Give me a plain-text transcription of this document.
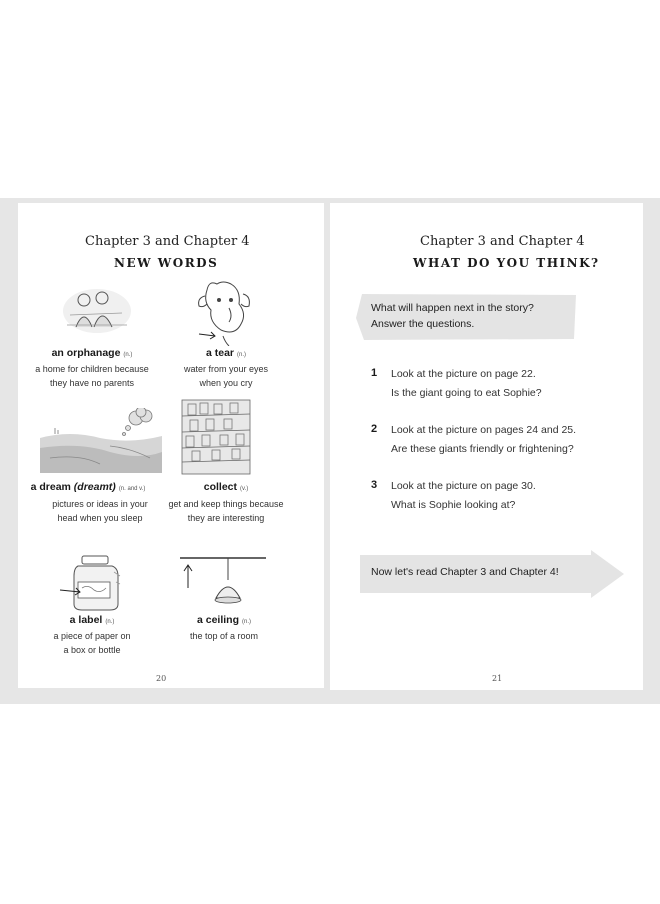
Chapter 3 and Chapter 4
NEW WORDS
an orphanage (n.)
a home for children because
they have no parents
a tear (n.)
water from your eyes
when you cry
a dream (dreamt) (n. and v.)
pictures or ideas in your
head when you sleep
collect (v.)
get and keep things because
they are interesting
a label (n.)
a piece of paper on
a box or bottle
a ceiling (n.)
the top of a room
20
Chapter 3 and Chapter 4
WHAT DO YOU THINK?
What will happen next in the story?
Answer the questions.
1 Look at the picture on page 22.
Is the giant going to eat Sophie?
2 Look at the picture on pages 24 and 25.
Are these giants friendly or frightening?
3 Look at the picture on page 30.
What is Sophie looking at?
Now let's read Chapter 3 and Chapter 4!
21
